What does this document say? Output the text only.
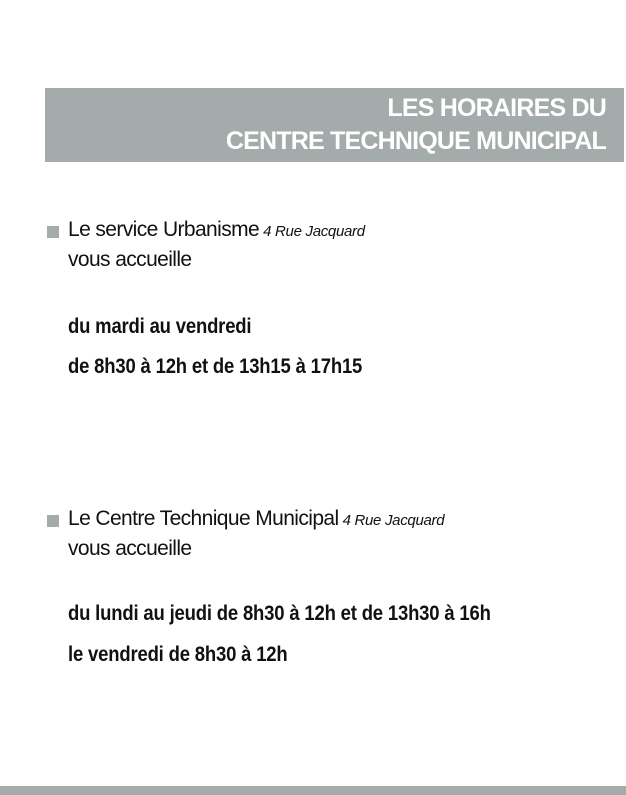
LES HORAIRES DU
CENTRE TECHNIQUE MUNICIPAL
Le service Urbanisme 4 Rue Jacquard
vous accueille
du mardi au vendredi
de 8h30 à 12h et de 13h15 à 17h15
Le Centre Technique Municipal 4 Rue Jacquard
vous accueille
du lundi au jeudi de 8h30 à 12h et de 13h30 à 16h
le vendredi de 8h30 à 12h
